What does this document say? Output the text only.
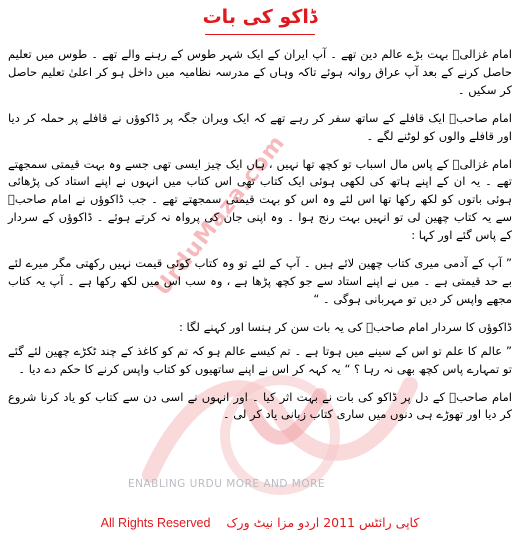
ڈاکو کی بات
UrduMaza.com
ENABLING URDU MORE AND MORE

امام غزالیؒ بہت بڑے عالم دین تھے ۔ آپ ایران کے ایک شہر طوس کے رہنے والے تھے ۔ طوس میں تعلیم حاصل کرنے کے بعد آپ عراق روانہ ہوئے تاکہ وہاں کے مدرسہ نظامیہ میں داخل ہو کر اعلیٰ تعلیم حاصل کر سکیں ۔

امام صاحبؒ ایک قافلے کے ساتھ سفر کر رہے تھے کہ ایک ویران جگہ پر ڈاکوؤں نے قافلے پر حملہ کر دیا اور قافلے والوں کو لوٹنے لگے ۔

امام غزالیؒ کے پاس مال اسباب تو کچھ تھا نہیں ، ہاں ایک چیز ایسی تھی جسے وہ بہت قیمتی سمجھتے تھے ۔ یہ ان کے اپنے ہاتھ کی لکھی ہوئی ایک کتاب تھی اس کتاب میں انہوں نے اپنے استاد کی پڑھائی ہوئی باتوں کو لکھ رکھا تھا اس لئے وہ اس کو بہت قیمتی سمجھتے تھے ۔ جب ڈاکوؤں نے امام صاحبؒ سے یہ کتاب چھین لی تو انہیں بہت رنج ہوا ۔ وہ اپنی جان کی پرواہ نہ کرتے ہوئے ۔ ڈاکوؤں کے سردار کے پاس گئے اور کہا :

” آپ کے آدمی میری کتاب چھین لائے ہیں ۔ آپ کے لئے تو وہ کتاب کوئی قیمت نہیں رکھتی مگر میرے لئے بے حد قیمتی ہے ۔ میں نے اپنے استاد سے جو کچھ پڑھا ہے ، وہ سب اس میں لکھ رکھا ہے ۔ آپ یہ کتاب مجھے واپس کر دیں تو مہربانی ہوگی ۔ “

ڈاکوؤں کا سردار امام صاحبؒ کی یہ بات سن کر ہنسا اور کہنے لگا :

” عالم کا علم تو اس کے سینے میں ہوتا ہے ۔ تم کیسے عالم ہو کہ تم کو کاغذ کے چند ٹکڑے چھین لئے گئے تو تمہارے پاس کچھ بھی نہ رہا ؟ “ یہ کہہ کر اس نے اپنے ساتھیوں کو کتاب واپس کرنے کا حکم دے دیا ۔

امام صاحبؒ کے دل پر ڈاکو کی بات نے بہت اثر کیا ۔ اور انہوں نے اسی دن سے کتاب کو یاد کرنا شروع کر دیا اور تھوڑے ہی دنوں میں ساری کتاب زبانی یاد کر لی ۔

All Rights Reserved کاپی رائٹس 2011 اردو مزا نیٹ ورک
